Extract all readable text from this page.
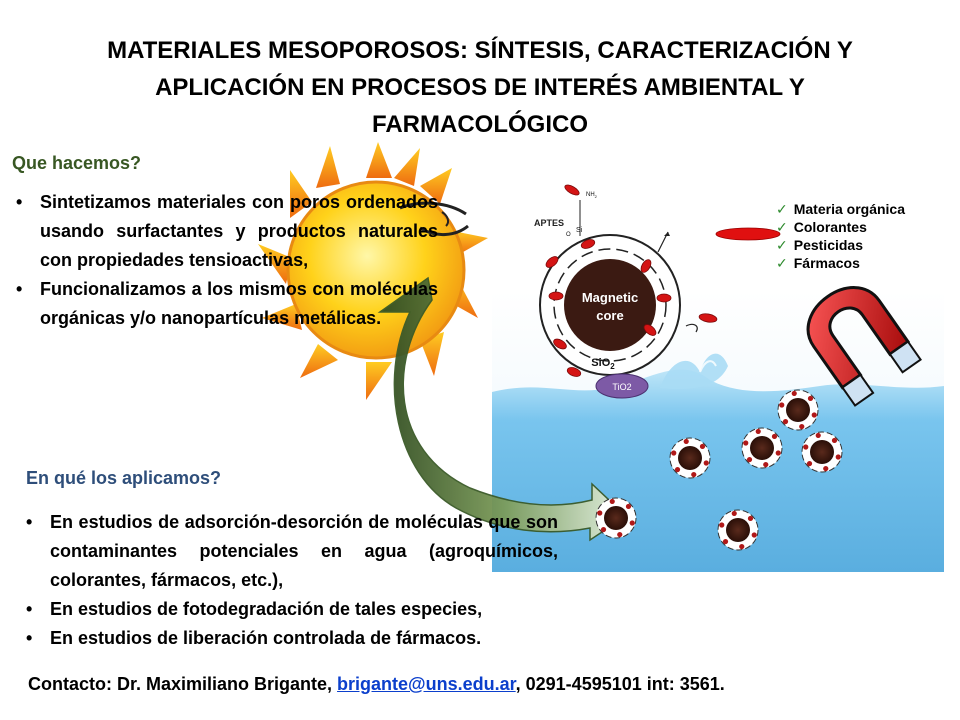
MATERIALES MESOPOROSOS: SÍNTESIS, CARACTERIZACIÓN Y
APLICACIÓN EN PROCESOS DE INTERÉS AMBIENTAL Y
FARMACOLÓGICO
Magnetic
core
SiO$_2$
TiO2
$NH_2$
Si
O
APTES
✓ Materia orgánica
✓ Colorantes
✓ Pesticidas
✓ Fármacos
Que hacemos?
• Sintetizamos materiales con poros ordenados usando surfactantes y productos naturales con propiedades tensioactivas,
• Funcionalizamos a los mismos con moléculas orgánicas y/o nanopartículas metálicas.
En qué los aplicamos?
• En estudios de adsorción-desorción de moléculas que son contaminantes potenciales en agua (agroquímicos, colorantes, fármacos, etc.),
• En estudios de fotodegradación de tales especies,
• En estudios de liberación controlada de fármacos.
Contacto: Dr. Maximiliano Brigante, brigante@uns.edu.ar, 0291-4595101 int: 3561.
